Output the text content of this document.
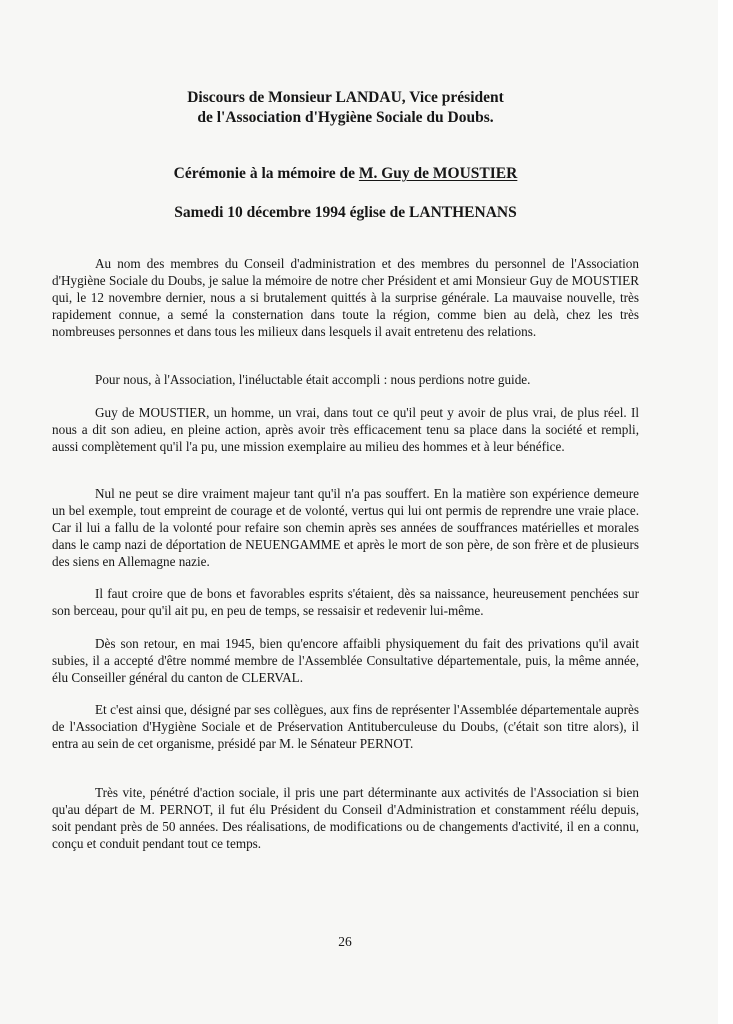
Discours de Monsieur LANDAU, Vice président
de l'Association d'Hygiène Sociale du Doubs.
Cérémonie à la mémoire de M. Guy de MOUSTIER
Samedi 10 décembre 1994 église de LANTHENANS

Au nom des membres du Conseil d'administration et des membres du personnel de l'Association d'Hygiène Sociale du Doubs, je salue la mémoire de notre cher Président et ami Monsieur Guy de MOUSTIER qui, le 12 novembre dernier, nous a si brutalement quittés à la surprise générale. La mauvaise nouvelle, très rapidement connue, a semé la consternation dans toute la région, comme bien au delà, chez les très nombreuses personnes et dans tous les milieux dans lesquels il avait entretenu des relations.

Pour nous, à l'Association, l'inéluctable était accompli : nous perdions notre guide.

Guy de MOUSTIER, un homme, un vrai, dans tout ce qu'il peut y avoir de plus vrai, de plus réel. Il nous a dit son adieu, en pleine action, après avoir très efficacement tenu sa place dans la société et rempli, aussi complètement qu'il l'a pu, une mission exemplaire au milieu des hommes et à leur bénéfice.

Nul ne peut se dire vraiment majeur tant qu'il n'a pas souffert. En la matière son expérience demeure un bel exemple, tout empreint de courage et de volonté, vertus qui lui ont permis de reprendre une vraie place. Car il lui a fallu de la volonté pour refaire son chemin après ses années de souffrances matérielles et morales dans le camp nazi de déportation de NEUENGAMME et après le mort de son père, de son frère et de plusieurs des siens en Allemagne nazie.

Il faut croire que de bons et favorables esprits s'étaient, dès sa naissance, heureusement penchées sur son berceau, pour qu'il ait pu, en peu de temps, se ressaisir et redevenir lui-même.

Dès son retour, en mai 1945, bien qu'encore affaibli physiquement du fait des privations qu'il avait subies, il a accepté d'être nommé membre de l'Assemblée Consultative départementale, puis, la même année, élu Conseiller général du canton de CLERVAL.

Et c'est ainsi que, désigné par ses collègues, aux fins de représenter l'Assemblée départementale auprès de l'Association d'Hygiène Sociale et de Préservation Antituberculeuse du Doubs, (c'était son titre alors), il entra au sein de cet organisme, présidé par M. le Sénateur PERNOT.

Très vite, pénétré d'action sociale, il pris une part déterminante aux activités de l'Association si bien qu'au départ de M. PERNOT, il fut élu Président du Conseil d'Administration et constamment réélu depuis, soit pendant près de 50 années. Des réalisations, de modifications ou de changements d'activité, il en a connu, conçu et conduit pendant tout ce temps.

26
